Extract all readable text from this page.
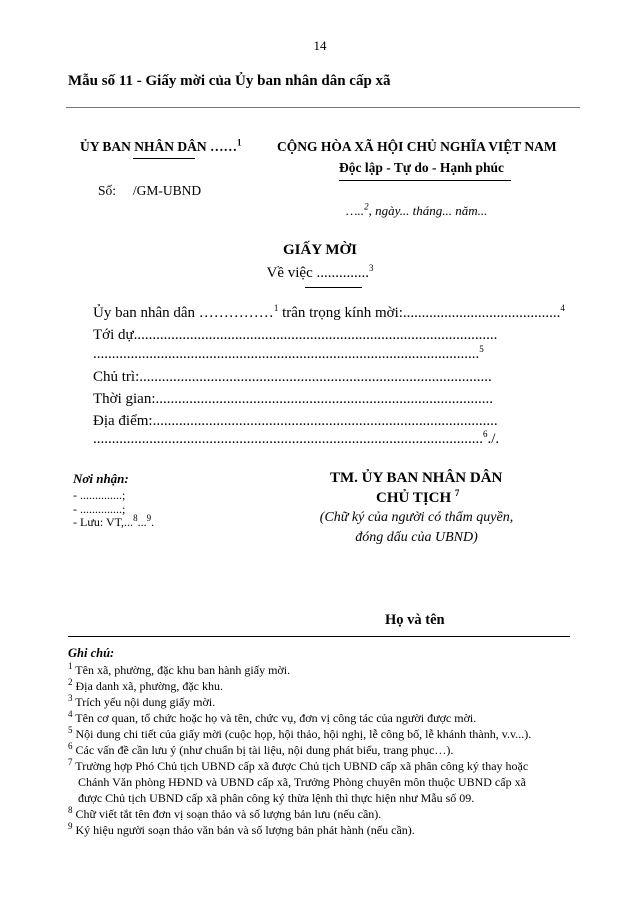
14
Mẫu số 11 - Giấy mời của Ủy ban nhân dân cấp xã
ỦY BAN NHÂN DÂN ……$^1$
Số: /GM-UBND
CỘNG HÒA XÃ HỘI CHỦ NGHĨA VIỆT NAM
Độc lập - Tự do - Hạnh phúc
…..$^2$, ngày... tháng... năm...
GIẤY MỜI
Về việc ..............$^3$
Ủy ban nhân dân ……………$^1$ trân trọng kính mời:..........................................$^4$
Tới dự.................................................................................................
.......................................................................................................$^5$
Chủ trì:..............................................................................................
Thời gian:..........................................................................................
Địa điểm:............................................................................................
........................................................................................................$^6$./.
Nơi nhận:
- ..............;
- ..............;
- Lưu: VT,...$^8$...$^9$.
TM. ỦY BAN NHÂN DÂN
CHỦ TỊCH $^7$
(Chữ ký của người có thẩm quyền,
đóng dấu của UBND)
Họ và tên
Ghi chú:
$^1$ Tên xã, phường, đặc khu ban hành giấy mời.
$^2$ Địa danh xã, phường, đặc khu.
$^3$ Trích yếu nội dung giấy mời.
$^4$ Tên cơ quan, tổ chức hoặc họ và tên, chức vụ, đơn vị công tác của người được mời.
$^5$ Nội dung chi tiết của giấy mời (cuộc họp, hội thảo, hội nghị, lễ công bố, lễ khánh thành, v.v...).
$^6$ Các vấn đề cần lưu ý (như chuẩn bị tài liệu, nội dung phát biểu, trang phục…).
$^7$ Trường hợp Phó Chủ tịch UBND cấp xã được Chủ tịch UBND cấp xã phân công ký thay hoặc
Chánh Văn phòng HĐND và UBND cấp xã, Trưởng Phòng chuyên môn thuộc UBND cấp xã
được Chủ tịch UBND cấp xã phân công ký thừa lệnh thì thực hiện như Mẫu số 09.
$^8$ Chữ viết tắt tên đơn vị soạn thảo và số lượng bản lưu (nếu cần).
$^9$ Ký hiệu người soạn thảo văn bản và số lượng bản phát hành (nếu cần).
